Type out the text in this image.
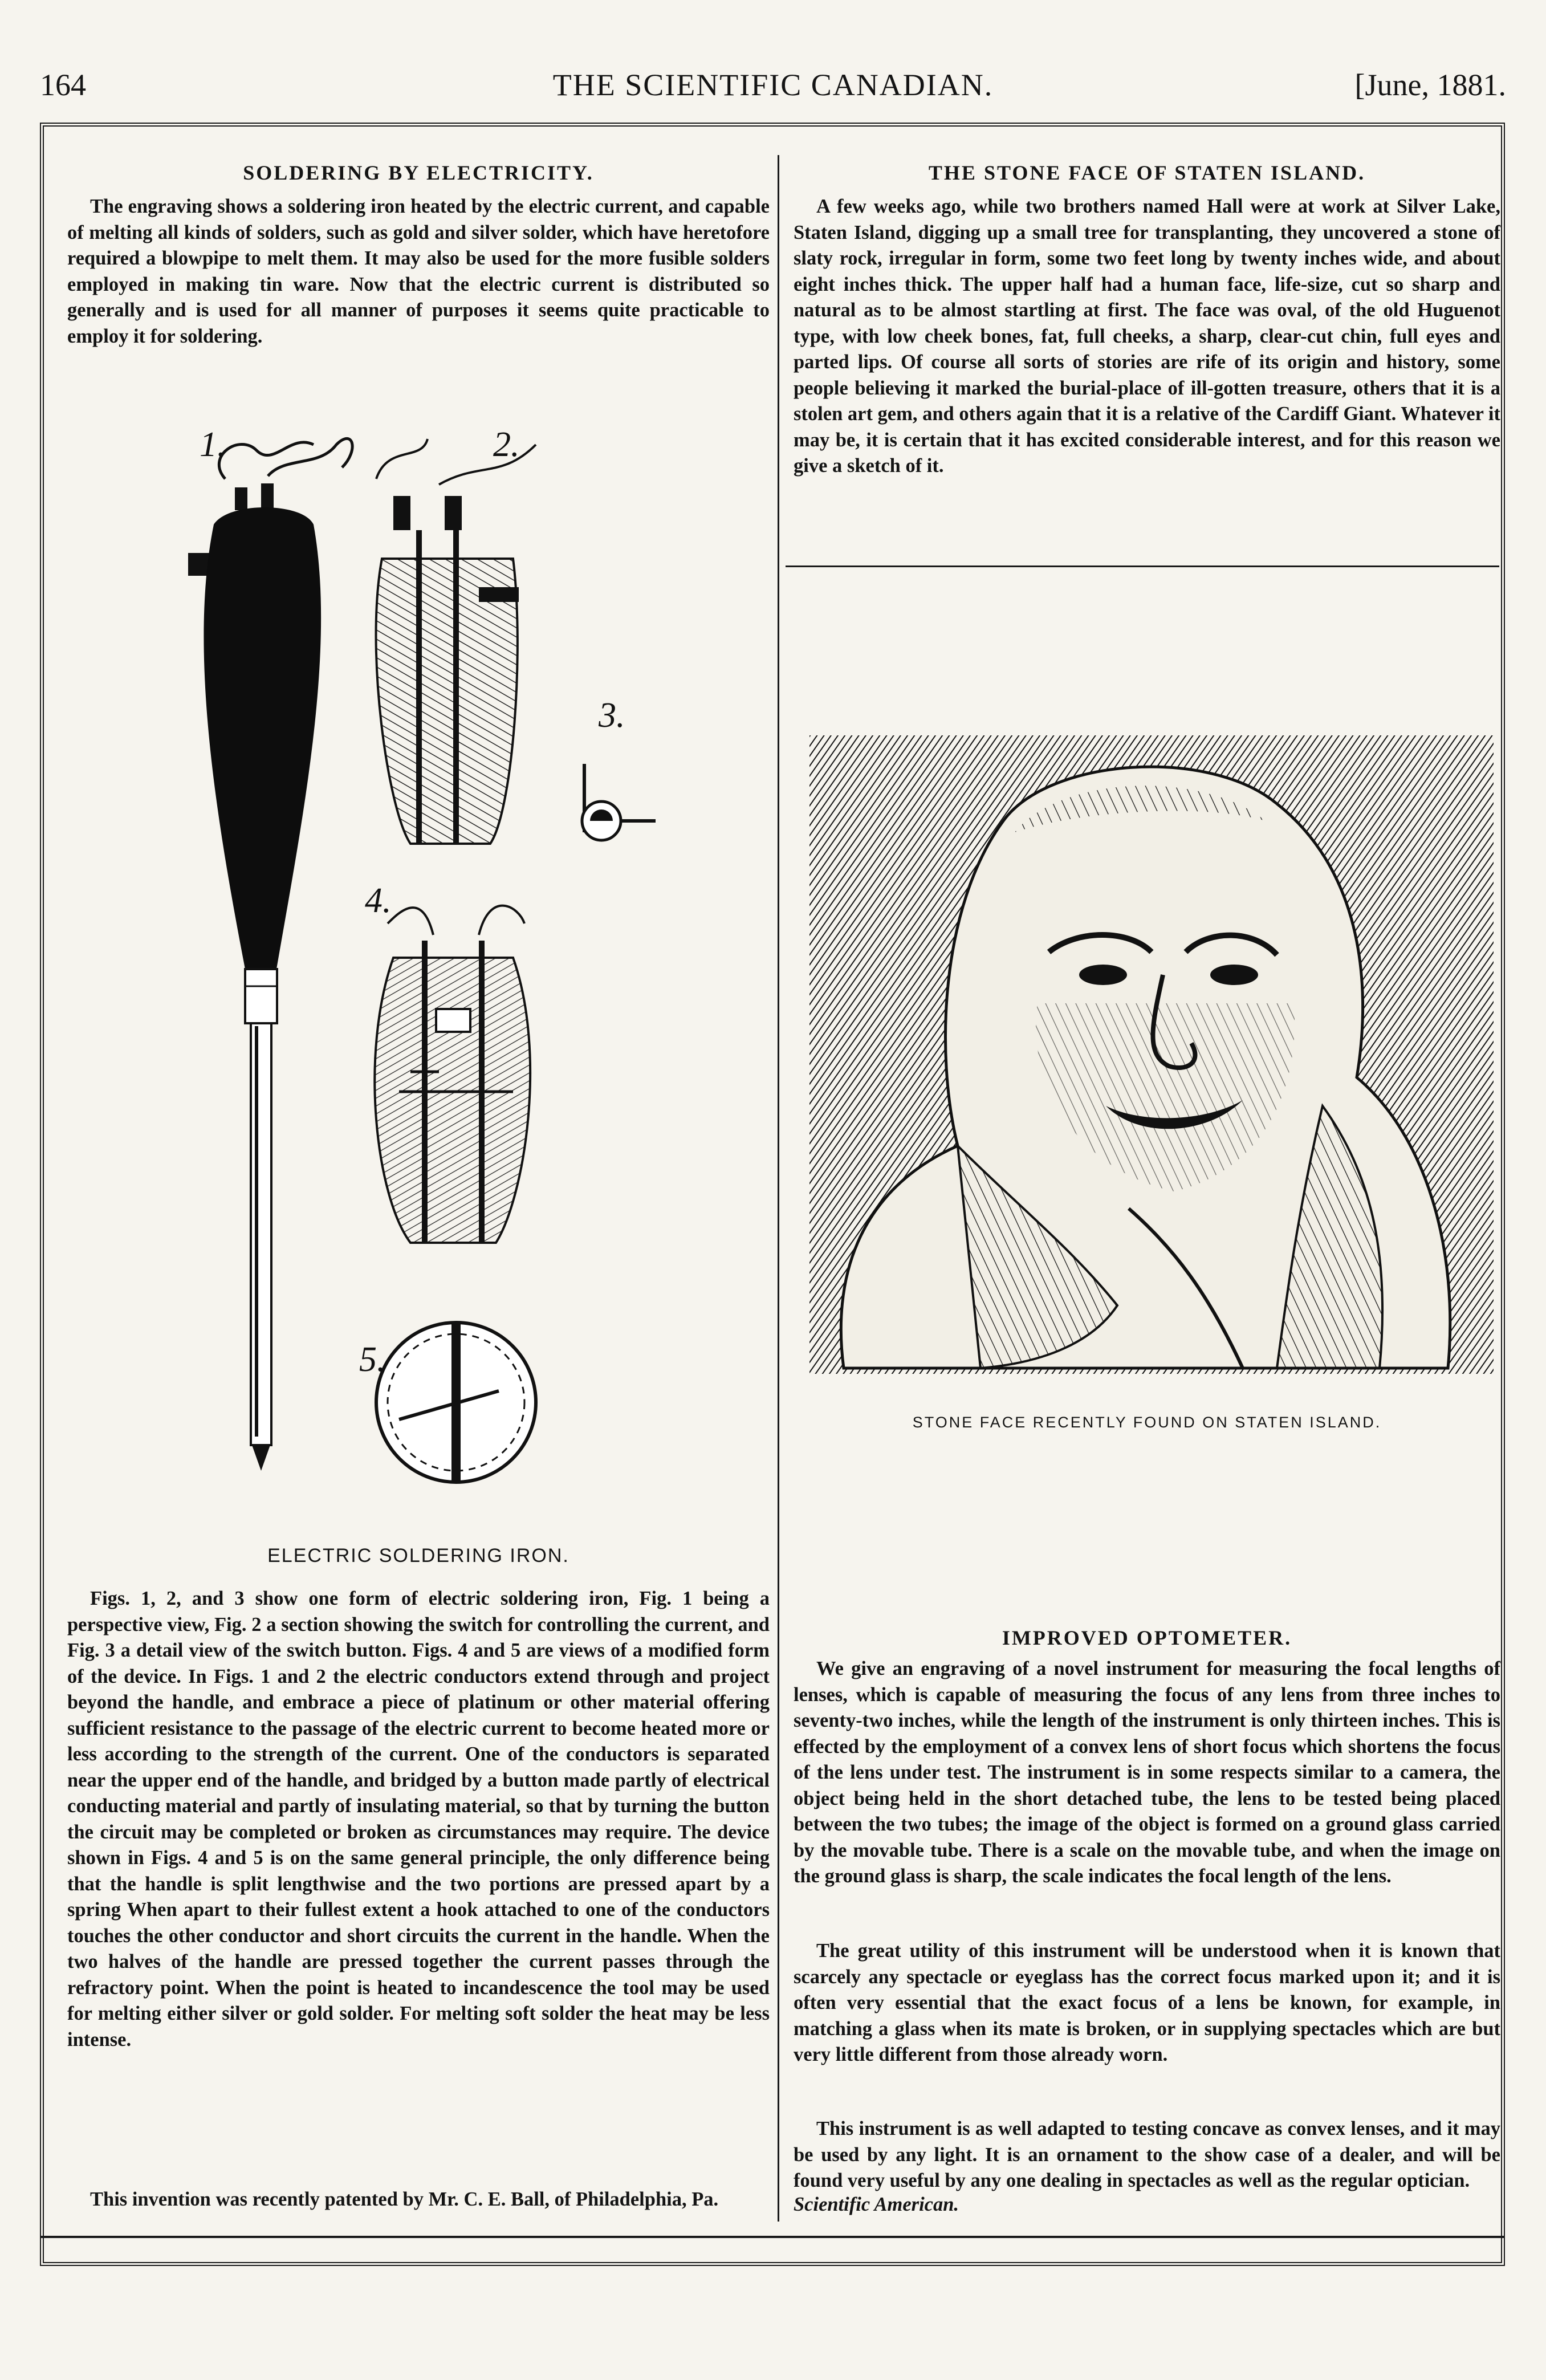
164	THE SCIENTIFIC CANADIAN.	[June, 1881.
SOLDERING BY ELECTRICITY.

The engraving shows a soldering iron heated by the electric current, and capable of melting all kinds of solders, such as gold and silver solder, which have heretofore required a blowpipe to melt them. It may also be used for the more fusible solders employed in making tin ware. Now that the electric current is distributed so generally and is used for all manner of purposes it seems quite practicable to employ it for soldering.

1.	2.
3.
4.
5.
ELECTRIC SOLDERING IRON.

Figs. 1, 2, and 3 show one form of electric soldering iron, Fig. 1 being a perspective view, Fig. 2 a section showing the switch for controlling the current, and Fig. 3 a detail view of the switch button. Figs. 4 and 5 are views of a modified form of the device. In Figs. 1 and 2 the electric conductors extend through and project beyond the handle, and embrace a piece of platinum or other material offering sufficient resistance to the passage of the electric current to become heated more or less according to the strength of the current. One of the conductors is separated near the upper end of the handle, and bridged by a button made partly of electrical conducting material and partly of insulating material, so that by turning the button the circuit may be completed or broken as circumstances may require. The device shown in Figs. 4 and 5 is on the same general principle, the only difference being that the handle is split lengthwise and the two portions are pressed apart by a spring When apart to their fullest extent a hook attached to one of the conductors touches the other conductor and short circuits the current in the handle. When the two halves of the handle are pressed together the current passes through the refractory point. When the point is heated to incandescence the tool may be used for melting either silver or gold solder. For melting soft solder the heat may be less intense.

This invention was recently patented by Mr. C. E. Ball, of Philadelphia, Pa.

THE STONE FACE OF STATEN ISLAND.

A few weeks ago, while two brothers named Hall were at work at Silver Lake, Staten Island, digging up a small tree for transplanting, they uncovered a stone of slaty rock, irregular in form, some two feet long by twenty inches wide, and about eight inches thick. The upper half had a human face, life-size, cut so sharp and natural as to be almost startling at first. The face was oval, of the old Huguenot type, with low cheek bones, fat, full cheeks, a sharp, clear-cut chin, full eyes and parted lips. Of course all sorts of stories are rife of its origin and history, some people believing it marked the burial-place of ill-gotten treasure, others that it is a stolen art gem, and others again that it is a relative of the Cardiff Giant. Whatever it may be, it is certain that it has excited considerable interest, and for this reason we give a sketch of it.

STONE FACE RECENTLY FOUND ON STATEN ISLAND.
IMPROVED OPTOMETER.

We give an engraving of a novel instrument for measuring the focal lengths of lenses, which is capable of measuring the focus of any lens from three inches to seventy-two inches, while the length of the instrument is only thirteen inches. This is effected by the employment of a convex lens of short focus which shortens the focus of the lens under test. The instrument is in some respects similar to a camera, the object being held in the short detached tube, the lens to be tested being placed between the two tubes; the image of the object is formed on a ground glass carried by the movable tube. There is a scale on the movable tube, and when the image on the ground glass is sharp, the scale indicates the focal length of the lens.

The great utility of this instrument will be understood when it is known that scarcely any spectacle or eyeglass has the correct focus marked upon it; and it is often very essential that the exact focus of a lens be known, for example, in matching a glass when its mate is broken, or in supplying spectacles which are but very little different from those already worn.

This instrument is as well adapted to testing concave as convex lenses, and it may be used by any light. It is an ornament to the show case of a dealer, and will be found very useful by any one dealing in spectacles as well as the regular optician.

Scientific American.
